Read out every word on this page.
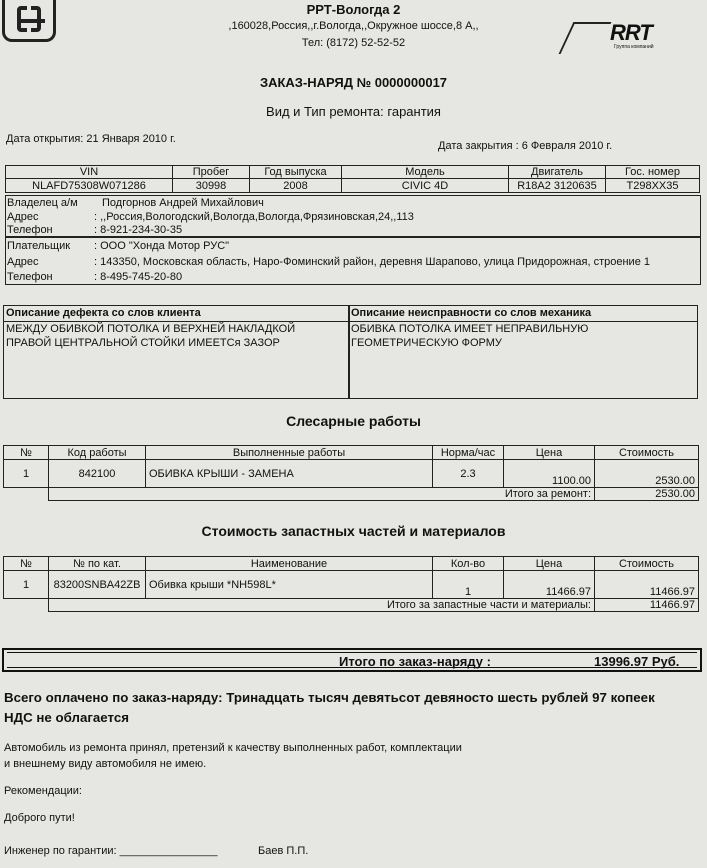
РРТ-Вологда 2
,160028,Россия,,г.Вологда,,Окружное шоссе,8 А,,
Тел: (8172) 52-52-52	RRT
Группа компаний
ЗАКАЗ-НАРЯД № 0000000017
Вид и Тип ремонта: гарантия
Дата открытия: 21 Января 2010 г.
Дата закрытия : 6 Февраля 2010 г.
VIN	Пробег	Год выпуска	Модель	Двигатель	Гос. номер
NLAFD75308W071286	30998	2008	CIVIC 4D	R18A2 3120635	Т298ХХ35
Владелец а/м Подгорнов Андрей Михайлович
Адрес	: ,,Россия,Вологодский,Вологда,Вологда,Фрязиновская,24,,113
Телефон	: 8-921-234-30-35
Плательщик : ООО "Хонда Мотор РУС"
Адрес	: 143350, Московская область, Наро-Фоминский район, деревня Шарапово, улица Придорожная, строение 1
Телефон	: 8-495-745-20-80
Описание дефекта со слов клиента
МЕЖДУ ОБИВКОЙ ПОТОЛКА И ВЕРХНЕЙ НАКЛАДКОЙ
ПРАВОЙ ЦЕНТРАЛЬНОЙ СТОЙКИ ИМЕЕТСя ЗАЗОР
Описание неисправности со слов механика
ОБИВКА ПОТОЛКА ИМЕЕТ НЕПРАВИЛЬНУЮ
ГЕОМЕТРИЧЕСКУЮ ФОРМУ
Слесарные работы
№	Код работы	Выполненные работы	Норма/час	Цена	Стоимость
1	842100	ОБИВКА КРЫШИ - ЗАМЕНА	2.3	1100.00	2530.00
	Итого за ремонт:				2530.00
Стоимость запастных частей и материалов
№	№ по кат.	Наименование	Кол-во	Цена	Стоимость
1	83200SNBA42ZB	Обивка крыши *NH598L*	1	11466.97	11466.97
	Итого за запастные части и материалы:				11466.97
Итого по заказ-наряду :	13996.97 Руб.
Всего оплачено по заказ-наряду: Тринадцать тысяч девятьсот девяносто шесть рублей 97 копеек
НДС не облагается
Автомобиль из ремонта принял, претензий к качеству выполненных работ, комплектации
и внешнему виду автомобиля не имею.
Рекомендации:
Доброго пути!
Инженер по гарантии: ________________	Баев П.П.
